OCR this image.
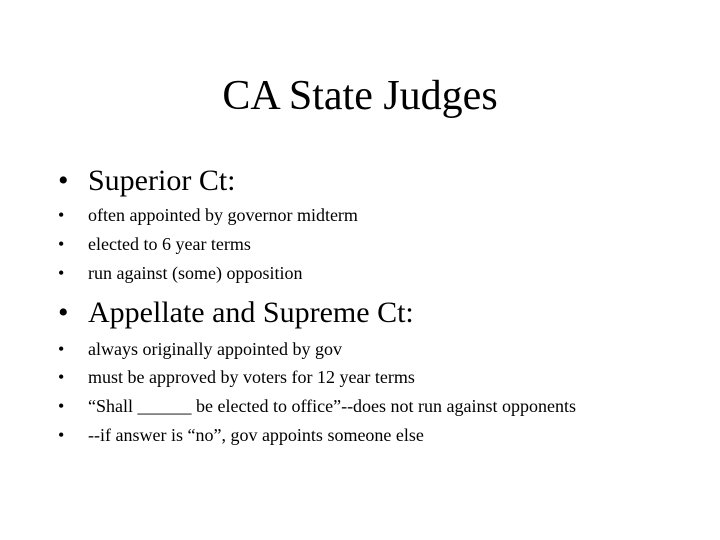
CA State Judges
• Superior Ct:
• often appointed by governor midterm
• elected to 6 year terms
• run against (some) opposition
• Appellate and Supreme Ct:
• always originally appointed by gov
• must be approved by voters for 12 year terms
• “Shall ______ be elected to office”--does not run against opponents
• --if answer is “no”, gov appoints someone else
